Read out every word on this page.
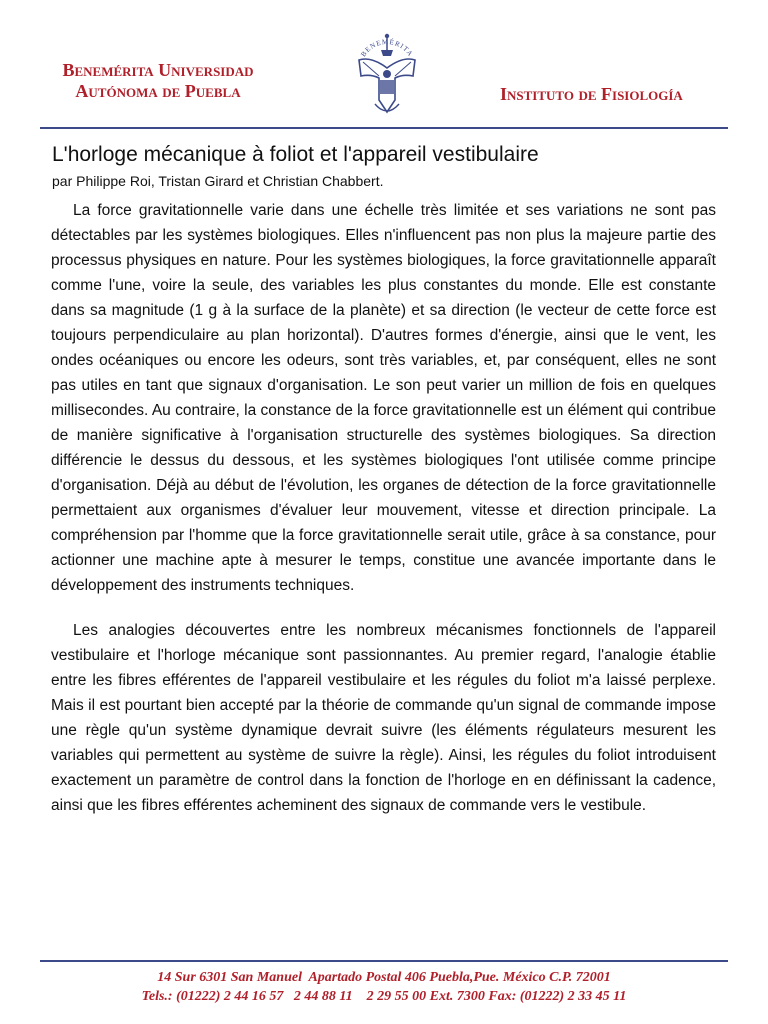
Benemérita Universidad
Autónoma de Puebla
BENEMÉRITA
Instituto de Fisiología
L'horloge mécanique à foliot et l'appareil vestibulaire
par Philippe Roi, Tristan Girard et Christian Chabbert.

La force gravitationnelle varie dans une échelle très limitée et ses variations ne sont pas détectables par les systèmes biologiques. Elles n'influencent pas non plus la majeure partie des processus physiques en nature. Pour les systèmes biologiques, la force gravitationnelle apparaît comme l'une, voire la seule, des variables les plus constantes du monde. Elle est constante dans sa magnitude (1 g à la surface de la planète) et sa direction (le vecteur de cette force est toujours perpendiculaire au plan horizontal). D'autres formes d'énergie, ainsi que le vent, les ondes océaniques ou encore les odeurs, sont très variables, et, par conséquent, elles ne sont pas utiles en tant que signaux d'organisation. Le son peut varier un million de fois en quelques millisecondes. Au contraire, la constance de la force gravitationnelle est un élément qui contribue de manière significative à l'organisation structurelle des systèmes biologiques. Sa direction différencie le dessus du dessous, et les systèmes biologiques l'ont utilisée comme principe d'organisation. Déjà au début de l'évolution, les organes de détection de la force gravitationnelle permettaient aux organismes d'évaluer leur mouvement, vitesse et direction principale. La compréhension par l'homme que la force gravitationnelle serait utile, grâce à sa constance, pour actionner une machine apte à mesurer le temps, constitue une avancée importante dans le développement des instruments techniques.

Les analogies découvertes entre les nombreux mécanismes fonctionnels de l'appareil vestibulaire et l'horloge mécanique sont passionnantes. Au premier regard, l'analogie établie entre les fibres efférentes de l'appareil vestibulaire et les régules du foliot m'a laissé perplexe. Mais il est pourtant bien accepté par la théorie de commande qu'un signal de commande impose une règle qu'un système dynamique devrait suivre (les éléments régulateurs mesurent les variables qui permettent au système de suivre la règle). Ainsi, les régules du foliot introduisent exactement un paramètre de control dans la fonction de l'horloge en en définissant la cadence, ainsi que les fibres efférentes acheminent des signaux de commande vers le vestibule.

14 Sur 6301 San Manuel  Apartado Postal 406 Puebla,Pue. México C.P. 72001
Tels.: (01222) 2 44 16 57   2 44 88 11    2 29 55 00 Ext. 7300 Fax: (01222) 2 33 45 11
